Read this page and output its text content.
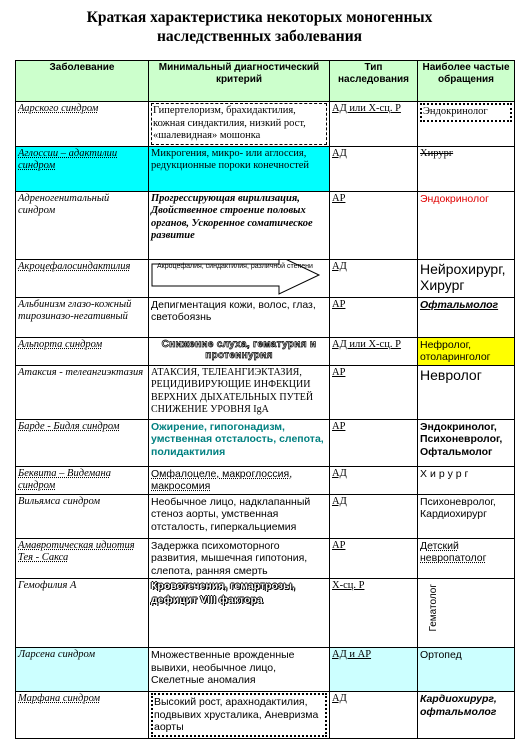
Краткая характеристика некоторых моногенных
наследственных заболевания
Заболевание	Минимальный диагностический критерий	Тип наследования	Наиболее частые обращения
Аарского синдром	Гипертелоризм, брахидактилия, кожная синдактилия, низкий рост, «шалевидная» мошонка	АД или Х-сц. Р	Эндокринолог

Аглоссии – адактилии синдром	Микрогения, микро- или аглоссия, редукционные пороки конечностей	АД	Хирург
Адреногенитальный синдром	Прогрессирующая вирилизация, Двойственное строение половых органов, Ускоренное соматическое развитие	АР	Эндокринолог
Акроцефалосиндактилия	Акроцефалия, синдактилия, различной степени	АД	Нейрохирург, Хирург
Альбинизм глазо-кожный тирозиназо-негативный	Депигментация кожи, волос, глаз, светобоязнь	АР	Офтальмолог
Альпорта синдром	Снижение слуха, гематурия и протеинурия	АД или Х-сц. Р	Нефролог, отоларинголог
Атаксия - телеангиэктазия	АТАКСИЯ, ТЕЛЕАНГИЭКТАЗИЯ, РЕЦИДИВИРУЮЩИЕ ИНФЕКЦИИ ВЕРХНИХ ДЫХАТЕЛЬНЫХ ПУТЕЙ СНИЖЕНИЕ УРОВНЯ IgA	АР	Невролог
Барде - Бидля синдром	Ожирение, гипогонадизм, умственная отсталость, слепота, полидактилия	АР	Эндокринолог, Психоневролог, Офтальмолог
Беквита – Видемана синдром	Омфалоцеле, макроглоссия, макросомия	АД	Хирург
Вильямса синдром	Необычное лицо, надклапанный стеноз аорты, умственная отсталость, гиперкальциемия	АД	Психоневролог, Кардиохирург
Амавротическая идиотия Тея - Сакса	Задержка психомоторного развития, мышечная гипотония, слепота, ранняя смерть	АР	Детский невропатолог
Гемофилия А	Кровотечения, гемартрозы, дефицит VIII фактора	Х-сц. Р	Гематолог

Ларсена синдром	Множественные врожденные вывихи, необычное лицо, Скелетные аномалия	АД и АР	Ортопед
Марфана синдром	Высокий рост, арахнодактилия, подвывих хрусталика, Аневризма аорты	АД	Кардиохирург, офтальмолог
